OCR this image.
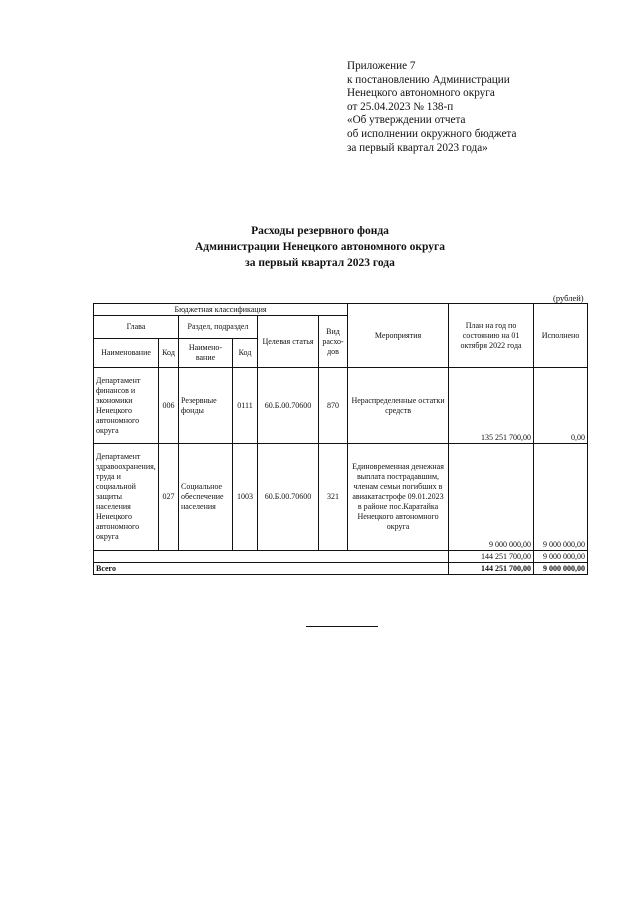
Приложение 7
к постановлению Администрации
Ненецкого автономного округа
от 25.04.2023 № 138-п
«Об утверждении отчета
об исполнении окружного бюджета
за первый квартал 2023 года»
Расходы резервного фонда
Администрации Ненецкого автономного округа
за первый квартал 2023 года
(рублей)
Бюджетная классификация						Мероприятия	План на год по состоянию на 01 октября 2022 года	Исполнено
Глава		Раздел, подраздел		Целевая статья	Вид расхо-дов			
Наименование	Код	Наимено-вание	Код					
Департамент финансов и экономики Ненецкого автономного округа	006	Резервные фонды	0111	60.Б.00.70600	870	Нераспределенные остатки средств	135 251 700,00	0,00
Департамент здравоохранения, труда и социальной защиты населения Ненецкого автономного округа	027	Социальное обеспечение населения	1003	60.Б.00.70600	321	Единовременная денежная выплата пострадавшим, членам семьи погибших в авиакатастрофе 09.01.2023 в районе пос.Каратайка Ненецкого автономного округа	9 000 000,00	9 000 000,00
							144 251 700,00	9 000 000,00
Всего							144 251 700,00	9 000 000,00
